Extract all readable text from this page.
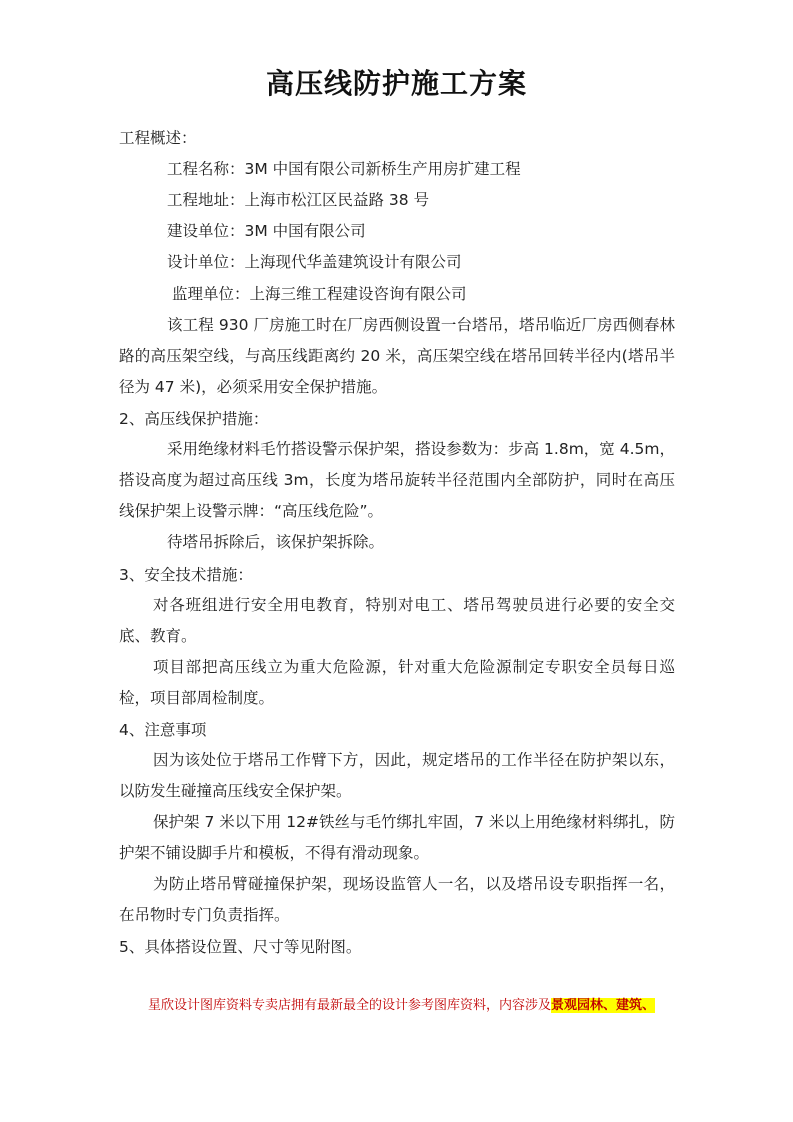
高压线防护施工方案
工程概述：
工程名称：3M 中国有限公司新桥生产用房扩建工程
工程地址：上海市松江区民益路 38 号
建设单位：3M 中国有限公司
设计单位：上海现代华盖建筑设计有限公司
监理单位：上海三维工程建设咨询有限公司
该工程 930 厂房施工时在厂房西侧设置一台塔吊，塔吊临近厂房西侧春林路的高压架空线，与高压线距离约 20 米，高压架空线在塔吊回转半径内(塔吊半径为 47 米)，必须采用安全保护措施。
2、高压线保护措施：
采用绝缘材料毛竹搭设警示保护架，搭设参数为：步高 1.8m，宽 4.5m，搭设高度为超过高压线 3m，长度为塔吊旋转半径范围内全部防护，同时在高压线保护架上设警示牌：“高压线危险”。
待塔吊拆除后，该保护架拆除。
3、安全技术措施：
对各班组进行安全用电教育，特别对电工、塔吊驾驶员进行必要的安全交底、教育。
项目部把高压线立为重大危险源，针对重大危险源制定专职安全员每日巡检，项目部周检制度。
4、注意事项
因为该处位于塔吊工作臂下方，因此，规定塔吊的工作半径在防护架以东，以防发生碰撞高压线安全保护架。
保护架 7 米以下用 12#铁丝与毛竹绑扎牢固，7 米以上用绝缘材料绑扎，防护架不铺设脚手片和模板，不得有滑动现象。
为防止塔吊臂碰撞保护架，现场设监管人一名，以及塔吊设专职指挥一名，在吊物时专门负责指挥。
5、具体搭设位置、尺寸等见附图。
星欣设计图库资料专卖店拥有最新最全的设计参考图库资料，内容涉及景观园林、建筑、
